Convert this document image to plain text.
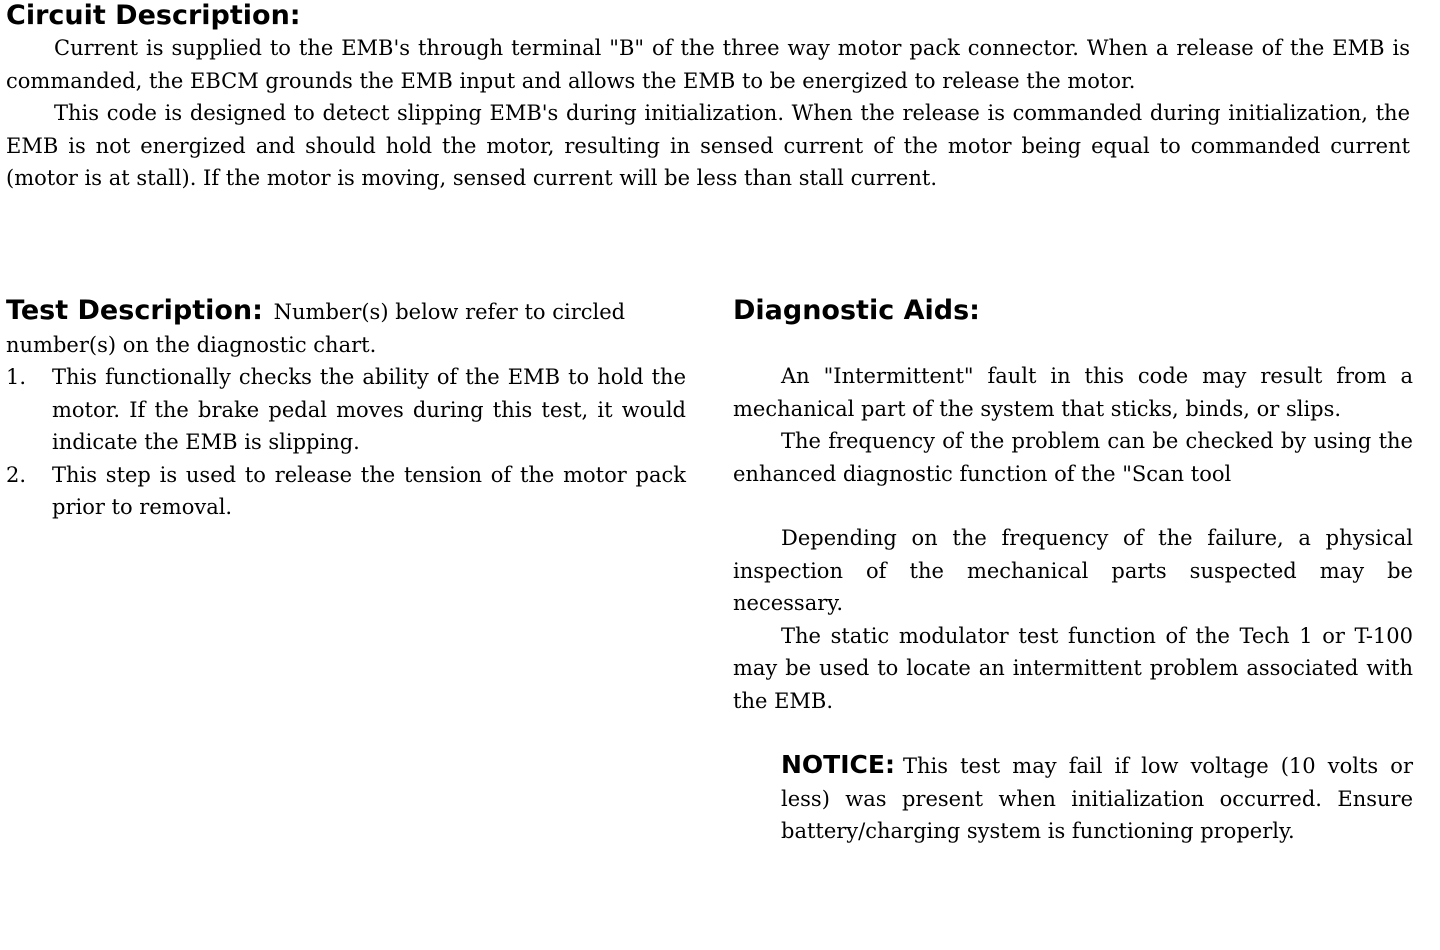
Circuit Description:

Current is supplied to the EMB's through terminal "B" of the three way motor pack connector. When a release of the EMB is commanded, the EBCM grounds the EMB input and allows the EMB to be energized to release the motor.

This code is designed to detect slipping EMB's during initialization. When the release is commanded during initialization, the EMB is not energized and should hold the motor, resulting in sensed current of the motor being equal to commanded current (motor is at stall). If the motor is moving, sensed current will be less than stall current.

Test Description: Number(s) below refer to circled number(s) on the diagnostic chart.

1. This functionally checks the ability of the EMB to hold the motor. If the brake pedal moves during this test, it would indicate the EMB is slipping.
2. This step is used to release the tension of the motor pack prior to removal.
Diagnostic Aids:

An "Intermittent" fault in this code may result from a mechanical part of the system that sticks, binds, or slips.

The frequency of the problem can be checked by using the enhanced diagnostic function of the "Scan tool

Depending on the frequency of the failure, a physical inspection of the mechanical parts suspected may be necessary.

The static modulator test function of the Tech 1 or T-100 may be used to locate an intermittent problem associated with the EMB.

NOTICE: This test may fail if low voltage (10 volts or less) was present when initialization occurred. Ensure battery/charging system is functioning properly.
